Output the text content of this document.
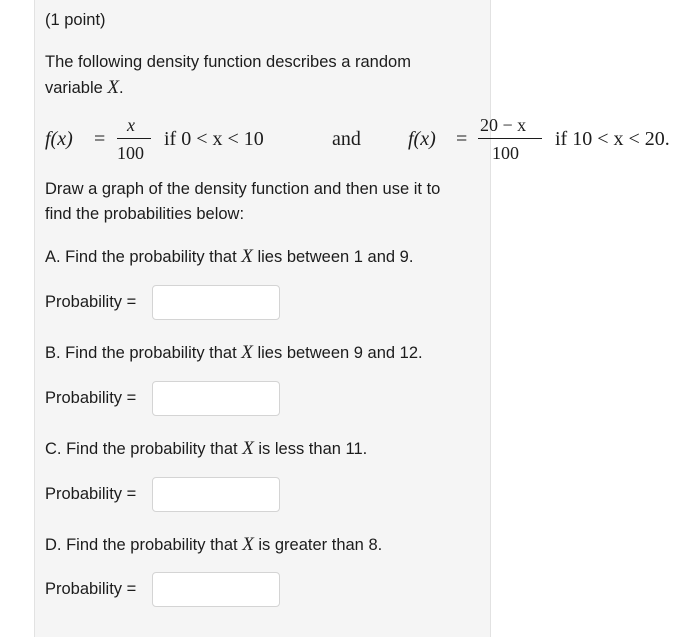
(1 point)
The following density function describes a random
variable X.
f(x) =
x
100
if 0 < x < 10	and f(x) =
20 − x
100
if 10 < x < 20.
Draw a graph of the density function and then use it to
find the probabilities below:
A. Find the probability that X lies between 1 and 9.
Probability =
B. Find the probability that X lies between 9 and 12.
Probability =
C. Find the probability that X is less than 11.
Probability =
D. Find the probability that X is greater than 8.
Probability =
